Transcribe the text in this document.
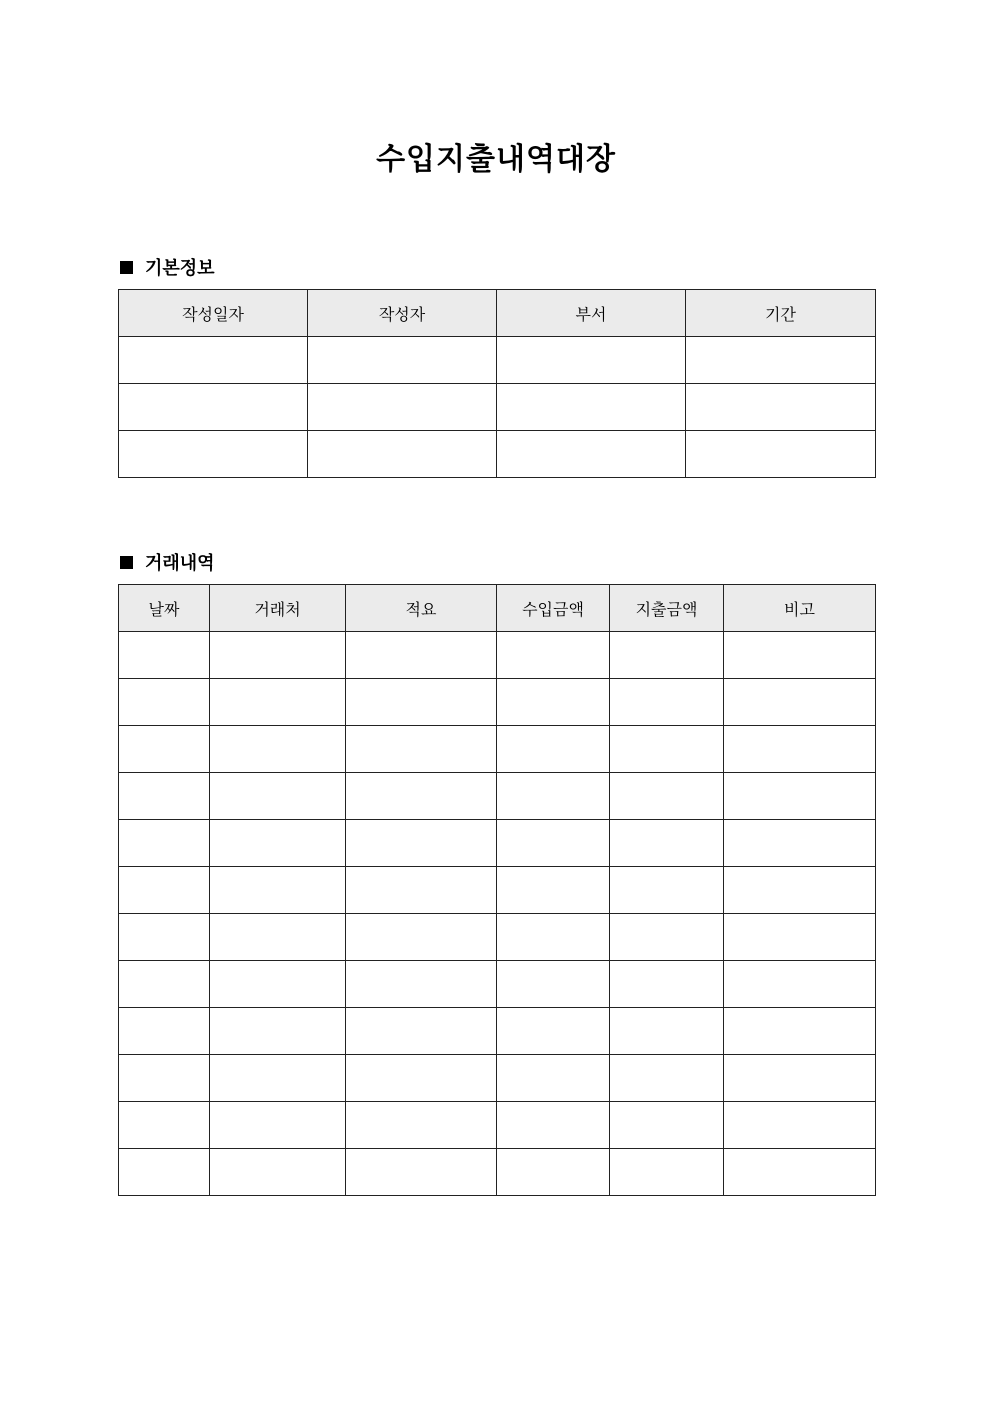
수입지출내역대장
기본정보
작성일자	작성자	부서	기간

거래내역
날짜	거래처	적요	수입금액	지출금액	비고
